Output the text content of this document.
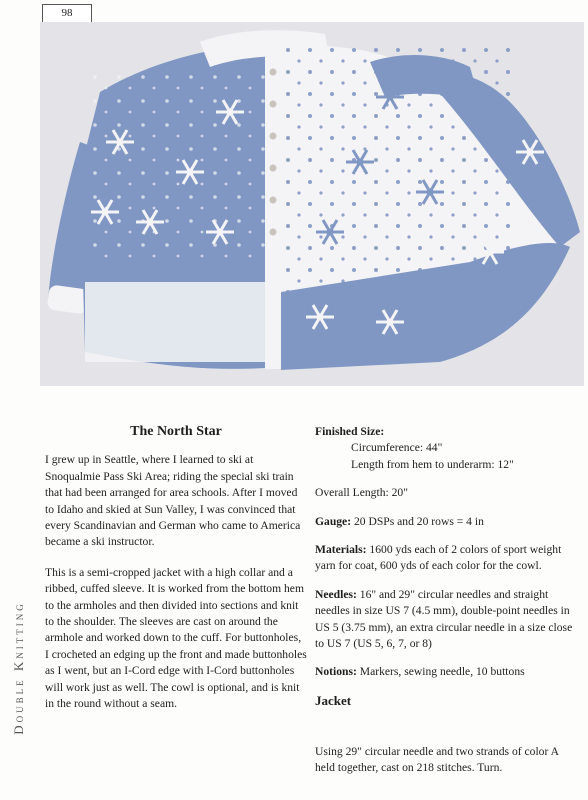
98
Double Knitting
The North Star

I grew up in Seattle, where I learned to ski at Snoqualmie Pass Ski Area; riding the special ski train that had been arranged for area schools. After I moved to Idaho and skied at Sun Valley, I was convinced that every Scandinavian and German who came to America became a ski instructor.

This is a semi-cropped jacket with a high collar and a ribbed, cuffed sleeve. It is worked from the bottom hem to the armholes and then divided into sections and knit to the shoulder. The sleeves are cast on around the armhole and worked down to the cuff. For buttonholes, I crocheted an edging up the front and made buttonholes as I went, but an I-Cord edge with I-Cord buttonholes will work just as well. The cowl is optional, and is knit in the round without a seam.

Finished Size:
Circumference: 44"
Length from hem to underarm: 12"

Overall Length: 20"

Gauge: 20 DSPs and 20 rows = 4 in

Materials: 1600 yds each of 2 colors of sport weight yarn for coat, 600 yds of each color for the cowl.

Needles: 16" and 29" circular needles and straight needles in size US 7 (4.5 mm), double-point needles in US 5 (3.75 mm), an extra circular needle in a size close to US 7 (US 5, 6, 7, or 8)

Notions: Markers, sewing needle, 10 buttons

Jacket
Using 29" circular needle and two strands of color A held together, cast on 218 stitches. Turn.
